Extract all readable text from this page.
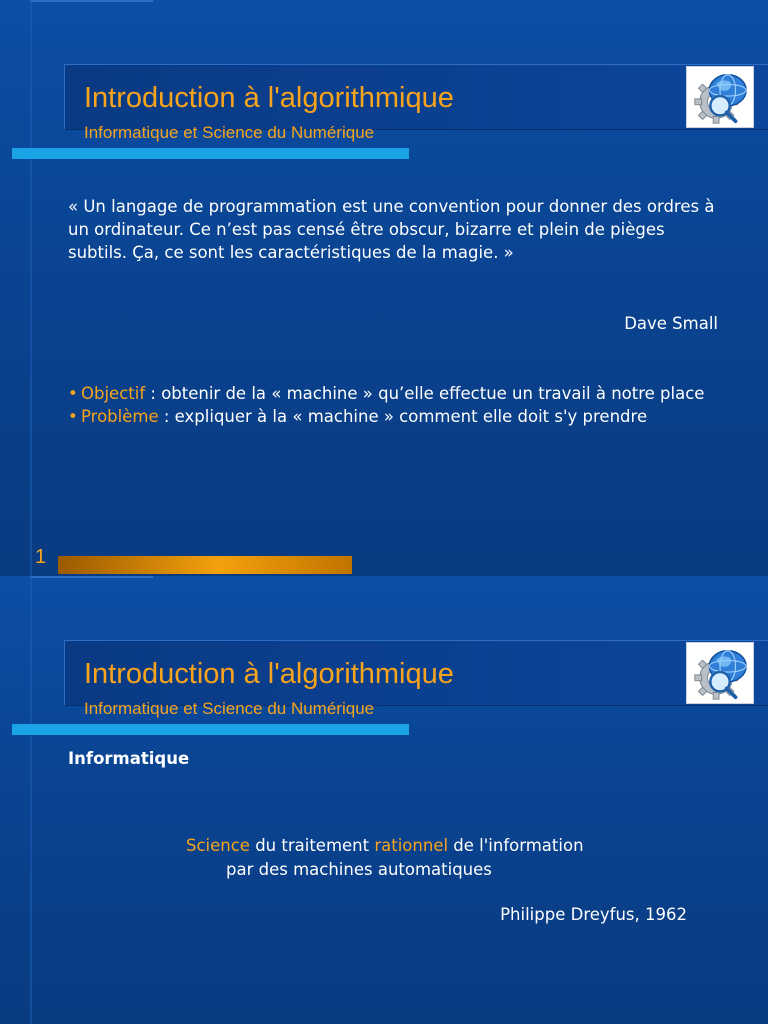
Introduction à l'algorithmique
Informatique et Science du Numérique
« Un langage de programmation est une convention pour donner des ordres à un ordinateur. Ce n’est pas censé être obscur, bizarre et plein de pièges subtils. Ça, ce sont les caractéristiques de la magie. »
Dave Small
• Objectif : obtenir de la « machine » qu’elle effectue un travail à notre place
• Problème : expliquer à la « machine » comment elle doit s'y prendre
1
Introduction à l'algorithmique
Informatique et Science du Numérique
Informatique
Science du traitement rationnel de l'information
par des machines automatiques
Philippe Dreyfus, 1962
